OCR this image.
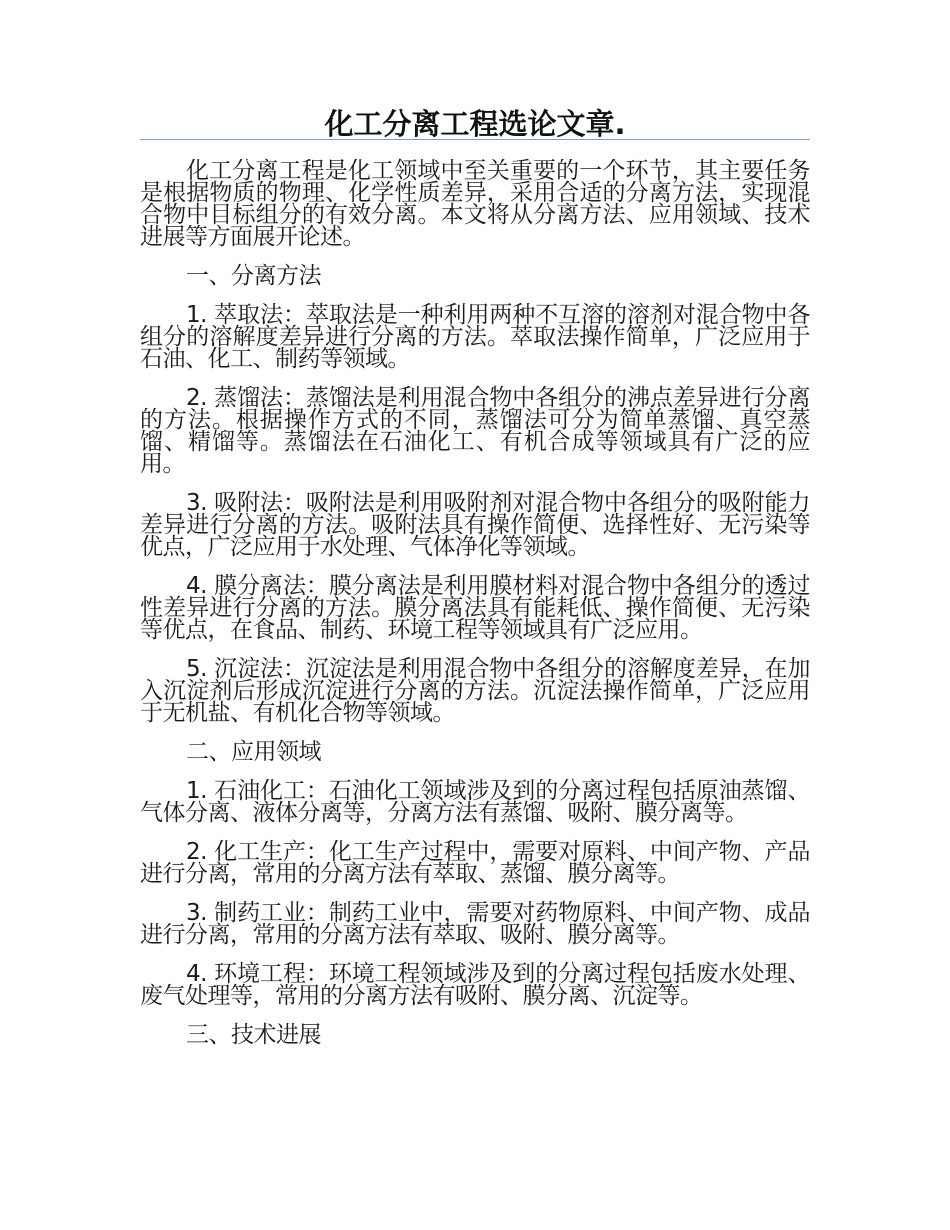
化工分离工程选论文章.

化工分离工程是化工领域中至关重要的一个环节，其主要任务是根据物质的物理、化学性质差异，采用合适的分离方法，实现混合物中目标组分的有效分离。本文将从分离方法、应用领域、技术进展等方面展开论述。

一、分离方法

1. 萃取法：萃取法是一种利用两种不互溶的溶剂对混合物中各组分的溶解度差异进行分离的方法。萃取法操作简单，广泛应用于石油、化工、制药等领域。

2. 蒸馏法：蒸馏法是利用混合物中各组分的沸点差异进行分离的方法。根据操作方式的不同，蒸馏法可分为简单蒸馏、真空蒸馏、精馏等。蒸馏法在石油化工、有机合成等领域具有广泛的应用。

3. 吸附法：吸附法是利用吸附剂对混合物中各组分的吸附能力差异进行分离的方法。吸附法具有操作简便、选择性好、无污染等优点，广泛应用于水处理、气体净化等领域。

4. 膜分离法：膜分离法是利用膜材料对混合物中各组分的透过性差异进行分离的方法。膜分离法具有能耗低、操作简便、无污染等优点，在食品、制药、环境工程等领域具有广泛应用。

5. 沉淀法：沉淀法是利用混合物中各组分的溶解度差异，在加入沉淀剂后形成沉淀进行分离的方法。沉淀法操作简单，广泛应用于无机盐、有机化合物等领域。

二、应用领域

1. 石油化工：石油化工领域涉及到的分离过程包括原油蒸馏、气体分离、液体分离等，分离方法有蒸馏、吸附、膜分离等。

2. 化工生产：化工生产过程中，需要对原料、中间产物、产品进行分离，常用的分离方法有萃取、蒸馏、膜分离等。

3. 制药工业：制药工业中，需要对药物原料、中间产物、成品进行分离，常用的分离方法有萃取、吸附、膜分离等。

4. 环境工程：环境工程领域涉及到的分离过程包括废水处理、废气处理等，常用的分离方法有吸附、膜分离、沉淀等。

三、技术进展
